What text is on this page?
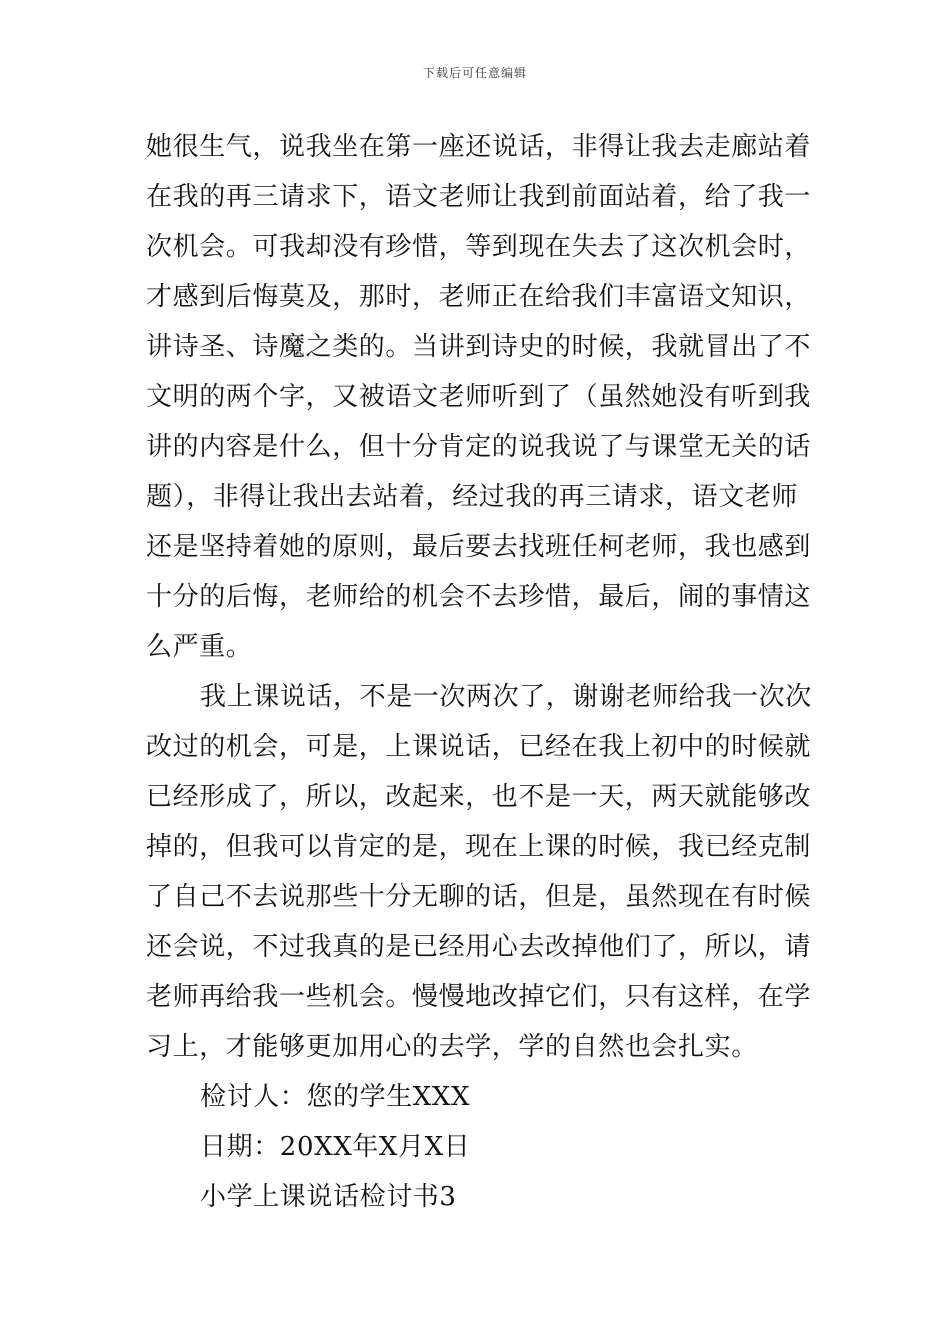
下载后可任意编辑
她很生气，说我坐在第一座还说话，非得让我去走廊站着
在我的再三请求下，语文老师让我到前面站着，给了我一
次机会。可我却没有珍惜，等到现在失去了这次机会时，
才感到后悔莫及，那时，老师正在给我们丰富语文知识，
讲诗圣、诗魔之类的。当讲到诗史的时候，我就冒出了不
文明的两个字，又被语文老师听到了（虽然她没有听到我
讲的内容是什么，但十分肯定的说我说了与课堂无关的话
题），非得让我出去站着，经过我的再三请求，语文老师
还是坚持着她的原则，最后要去找班任柯老师，我也感到
十分的后悔，老师给的机会不去珍惜，最后，闹的事情这
么严重。
我上课说话，不是一次两次了，谢谢老师给我一次次
改过的机会，可是，上课说话，已经在我上初中的时候就
已经形成了，所以，改起来，也不是一天，两天就能够改
掉的，但我可以肯定的是，现在上课的时候，我已经克制
了自己不去说那些十分无聊的话，但是，虽然现在有时候
还会说，不过我真的是已经用心去改掉他们了，所以，请
老师再给我一些机会。慢慢地改掉它们，只有这样，在学
习上，才能够更加用心的去学，学的自然也会扎实。
检讨人：您的学生XXX
日期：20XX年X月X日
小学上课说话检讨书3
